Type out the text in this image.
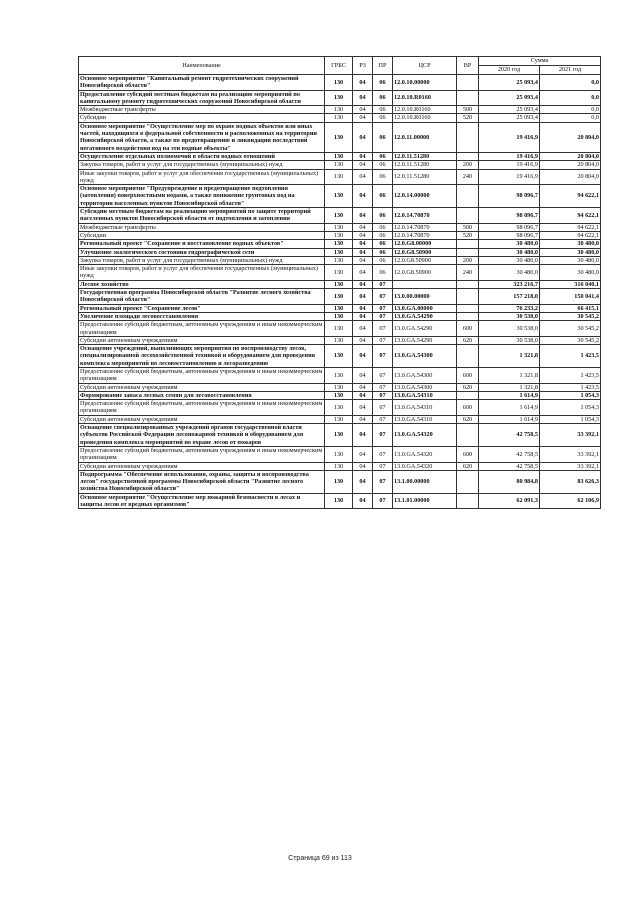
Наименование	ГРБС	РЗ	ПР	ЦСР	ВР	Сумма	
						2020 год	2021 год
Основное мероприятие "Капитальный ремонт гидротехнических сооружений Новосибирской области"	130	04	06	12.0.10.00000		25 093,4	0,0
Предоставление субсидий местным бюджетам на реализацию мероприятий по капитальному ремонту гидротехнических сооружений Новосибирской области	130	04	06	12.0.10.R0160		25 093,4	0,0
Межбюджетные трансферты	130	04	06	12.0.10.R0160	500	25 093,4	0,0
Субсидии	130	04	06	12.0.10.R0160	520	25 093,4	0,0
Основное мероприятие "Осуществление мер по охране водных объектов или иных частей, находящихся в федеральной собственности и расположенных на территории Новосибирской области, а также по предотвращению и ликвидации последствий негативного воздействия вод на эти водные объекты"	130	04	06	12.0.11.00000		19 416,9	20 804,0
Осуществление отдельных полномочий в области водных отношений	130	04	06	12.0.11.51280		19 416,9	20 804,0
Закупка товаров, работ и услуг для государственных (муниципальных) нужд	130	04	06	12.0.11.51280	200	19 416,9	20 804,0
Иные закупки товаров, работ и услуг для обеспечения государственных (муниципальных) нужд	130	04	06	12.0.11.51280	240	19 416,9	20 804,0
Основное мероприятие "Предупреждение и предотвращение подтопления (затопления) поверхностными водами, а также понижение грунтовых вод на территории населенных пунктов Новосибирской области"	130	04	06	12.0.14.00000		98 096,7	94 622,1
Субсидии местным бюджетам на реализацию мероприятий по защите территорий населенных пунктов Новосибирской области от подтопления и затопления	130	04	06	12.0.14.70870		98 096,7	94 622,1
Межбюджетные трансферты	130	04	06	12.0.14.70870	500	98 096,7	94 622,1
Субсидии	130	04	06	12.0.14.70870	520	98 096,7	94 622,1
Региональный проект "Сохранение и восстановление водных объектов"	130	04	06	12.0.G8.00000		30 480,0	30 480,0
Улучшение экологического состояния гидрографической сети	130	04	06	12.0.G8.50900		30 480,0	30 480,0
Закупка товаров, работ и услуг для государственных (муниципальных) нужд	130	04	06	12.0.G8.50900	200	30 480,0	30 480,0
Иные закупки товаров, работ и услуг для обеспечения государственных (муниципальных) нужд	130	04	06	12.0.G8.50900	240	30 480,0	30 480,0
Лесное хозяйство	130	04	07			323 216,7	316 040,1
Государственная программа Новосибирской области "Развитие лесного хозяйства Новосибирской области"	130	04	07	13.0.00.00000		157 218,0	150 041,4
Региональный проект "Сохранение лесов"	130	04	07	13.0.GA.00000		76 233,2	66 415,1
Увеличение площади лесовосстановления	130	04	07	13.0.GA.54290		30 538,0	30 545,2
Предоставление субсидий бюджетным, автономным учреждениям и иным некоммерческим организациям	130	04	07	13.0.GA.54290	600	30 538,0	30 545,2
Субсидии автономным учреждениям	130	04	07	13.0.GA.54290	620	30 538,0	30 545,2
Оснащение учреждений, выполняющих мероприятия по воспроизводству лесов, специализированной лесохозяйственной техникой и оборудованием для проведения комплекса мероприятий по лесовосстановлению и лесоразведению	130	04	07	13.0.GA.54300		1 321,8	1 423,5
Предоставление субсидий бюджетным, автономным учреждениям и иным некоммерческим организациям	130	04	07	13.0.GA.54300	600	1 321,8	1 423,5
Субсидии автономным учреждениям	130	04	07	13.0.GA.54300	620	1 321,8	1 423,5
Формирование запаса лесных семян для лесовосстановления	130	04	07	13.0.GA.54310		1 614,9	1 054,3
Предоставление субсидий бюджетным, автономным учреждениям и иным некоммерческим организациям	130	04	07	13.0.GA.54310	600	1 614,9	1 054,3
Субсидии автономным учреждениям	130	04	07	13.0.GA.54310	620	1 614,9	1 054,3
Оснащение специализированных учреждений органов государственной власти субъектов Российской Федерации лесопожарной техникой и оборудованием для проведения комплекса мероприятий по охране лесов от пожаров	130	04	07	13.0.GA.54320		42 758,5	33 392,1
Предоставление субсидий бюджетным, автономным учреждениям и иным некоммерческим организациям	130	04	07	13.0.GA.54320	600	42 758,5	33 392,1
Субсидии автономным учреждениям	130	04	07	13.0.GA.54320	620	42 758,5	33 392,1
Подпрограмма "Обеспечение использования, охраны, защиты и воспроизводства лесов" государственной программы Новосибирской области "Развитие лесного хозяйства Новосибирской области"	130	04	07	13.1.00.00000		80 984,8	83 626,3
Основное мероприятие "Осуществление мер пожарной безопасности в лесах и защиты лесов от вредных организмов"	130	04	07	13.1.01.00000		62 091,3	62 106,9
Страница 69 из 113
